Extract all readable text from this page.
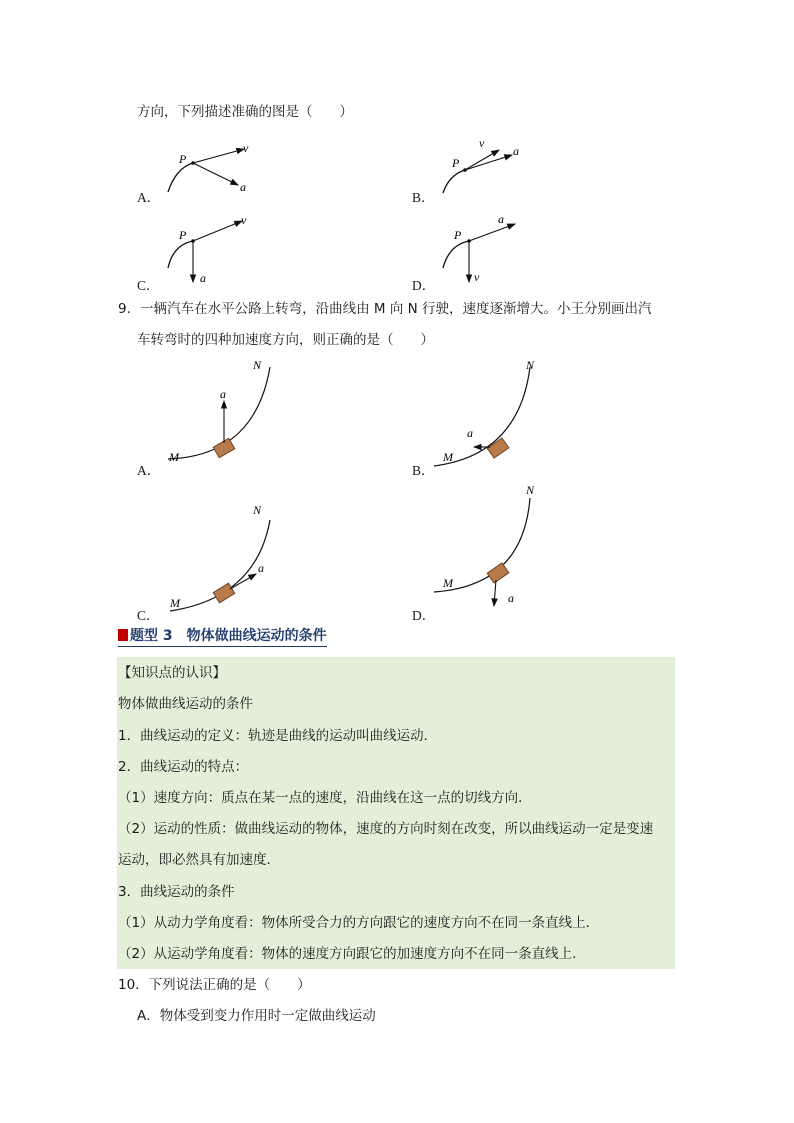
方向，下列描述准确的图是（　　）
A．
P
v
a
B．
P
v
a
C．
P
v
a	D．
P
a
v
9．一辆汽车在水平公路上转弯，沿曲线由 M 向 N 行驶，速度逐渐增大。小王分别画出汽
车转弯时的四种加速度方向，则正确的是（　　）
A．
a
M
N
B．
a
M
N
C．
a
M
N
D．
a
M
N
题型 3　物体做曲线运动的条件
【知识点的认识】
物体做曲线运动的条件
1．曲线运动的定义：轨迹是曲线的运动叫曲线运动．
2．曲线运动的特点：
（1）速度方向：质点在某一点的速度，沿曲线在这一点的切线方向．
（2）运动的性质：做曲线运动的物体，速度的方向时刻在改变，所以曲线运动一定是变速
运动，即必然具有加速度．
3．曲线运动的条件
（1）从动力学角度看：物体所受合力的方向跟它的速度方向不在同一条直线上．
（2）从运动学角度看：物体的速度方向跟它的加速度方向不在同一条直线上．
10．下列说法正确的是（　　）
A．物体受到变力作用时一定做曲线运动
